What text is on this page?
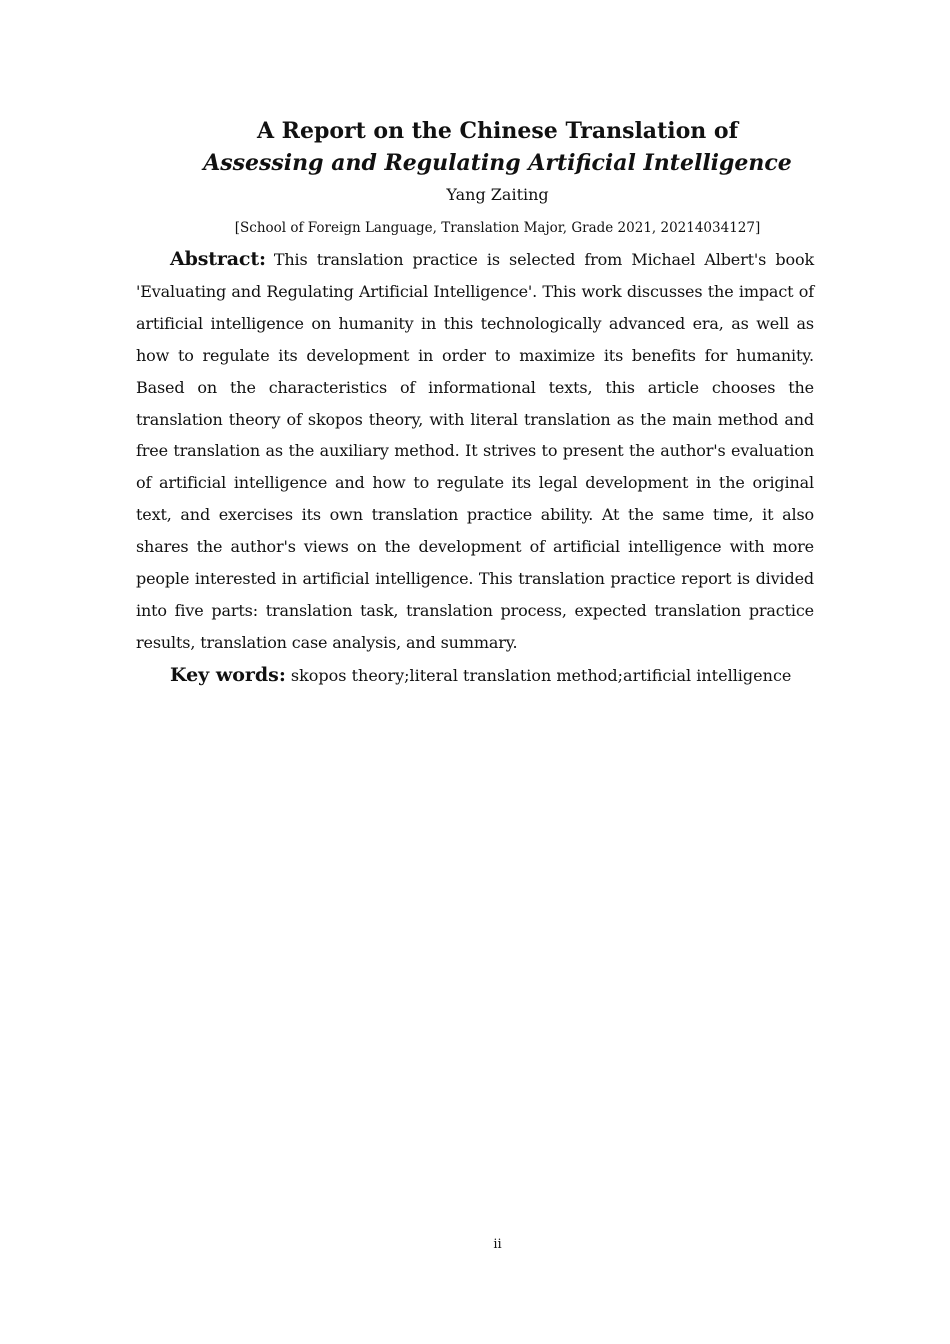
A Report on the Chinese Translation of
Assessing and Regulating Artificial Intelligence
Yang Zaiting
[School of Foreign Language, Translation Major, Grade 2021, 20214034127]

Abstract: This translation practice is selected from Michael Albert's book 'Evaluating and Regulating Artificial Intelligence'. This work discusses the impact of artificial intelligence on humanity in this technologically advanced era, as well as how to regulate its development in order to maximize its benefits for humanity. Based on the characteristics of informational texts, this article chooses the translation theory of skopos theory, with literal translation as the main method and free translation as the auxiliary method. It strives to present the author's evaluation of artificial intelligence and how to regulate its legal development in the original text, and exercises its own translation practice ability. At the same time, it also shares the author's views on the development of artificial intelligence with more people interested in artificial intelligence. This translation practice report is divided into five parts: translation task, translation process, expected translation practice results, translation case analysis, and summary.

Key words: skopos theory;literal translation method;artificial intelligence

ii
